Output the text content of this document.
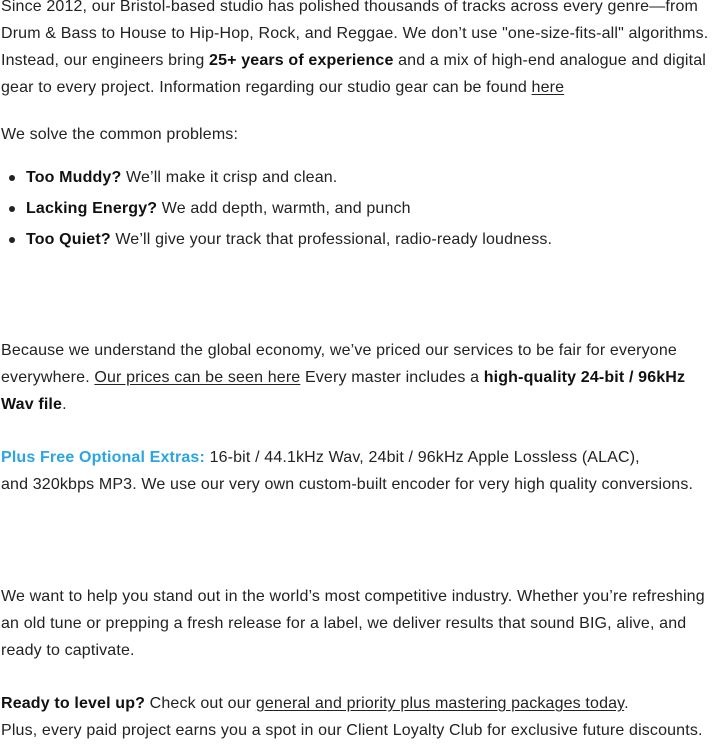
Since 2012, our Bristol-based studio has polished thousands of tracks across every genre—from Drum & Bass to House to Hip-Hop, Rock, and Reggae. We don’t use "one-size-fits-all" algorithms. Instead, our engineers bring 25+ years of experience and a mix of high-end analogue and digital gear to every project. Information regarding our studio gear can be found here

We solve the common problems:

Too Muddy? We’ll make it crisp and clean.
Lacking Energy? We add depth, warmth, and punch
Too Quiet? We’ll give your track that professional, radio-ready loudness.

Because we understand the global economy, we’ve priced our services to be fair for everyone everywhere. Our prices can be seen here Every master includes a high-quality 24-bit / 96kHz Wav file.

Plus Free Optional Extras: 16-bit / 44.1kHz Wav, 24bit / 96kHz Apple Lossless (ALAC),
and 320kbps MP3. We use our very own custom-built encoder for very high quality conversions.

We want to help you stand out in the world’s most competitive industry. Whether you’re refreshing an old tune or prepping a fresh release for a label, we deliver results that sound BIG, alive, and ready to captivate.

Ready to level up? Check out our general and priority plus mastering packages today.
Plus, every paid project earns you a spot in our Client Loyalty Club for exclusive future discounts.
